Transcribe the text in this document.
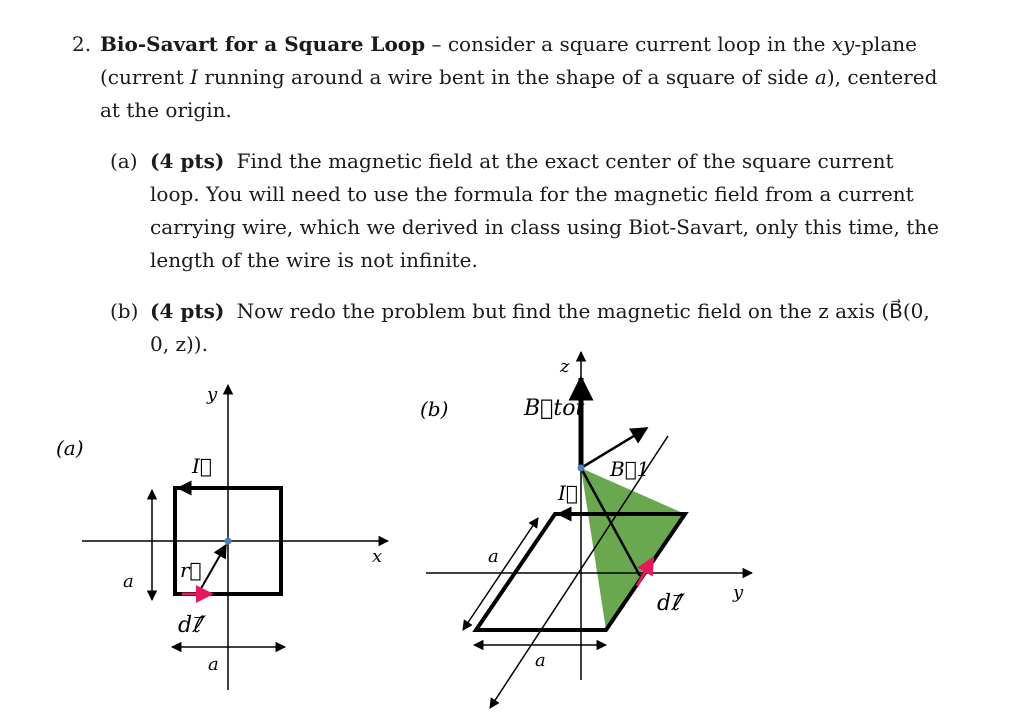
2. Bio-Savart for a Square Loop – consider a square current loop in the xy-plane (current I running around a wire bent in the shape of a square of side a), centered at the origin.
(a) (4 pts) Find the magnetic field at the exact center of the square current loop. You will need to use the formula for the magnetic field from a current carrying wire, which we derived in class using Biot-Savart, only this time, the length of the wire is not infinite.
(b) (4 pts) Now redo the problem but find the magnetic field on the z axis (B⃗(0, 0, z)).
(a)
y
x
I⃗
r⃗
dℓ⃗′
a
a
(b)
z
B⃗tot
y
I⃗
B⃗1
dℓ⃗′
a
a
